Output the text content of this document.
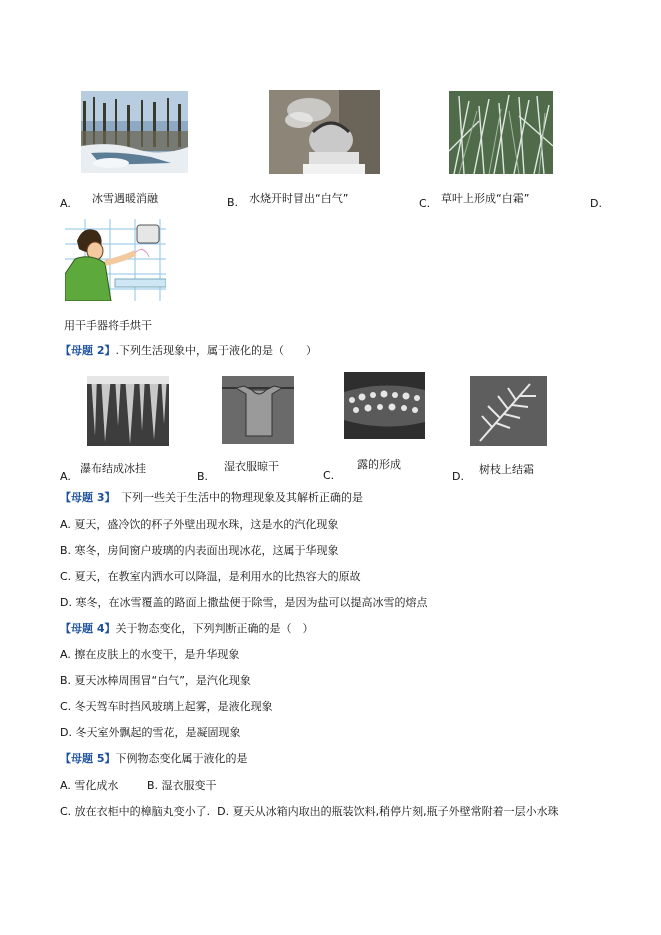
A. 冰雪遇暖消融	B. 水烧开时冒出“白气”	C. 草叶上形成“白霜”	D.
用干手器将手烘干
【母题 2】.下列生活现象中，属于液化的是（　　）
A.
瀑布结成冰挂
B.
湿衣服晾干
C.
露的形成
D.
树枝上结霜
【母题 3】　下列一些关于生活中的物理现象及其解析正确的是
A. 夏天，盛冷饮的杯子外壁出现水珠，这是水的汽化现象
B. 寒冬，房间窗户玻璃的内表面出现冰花，这属于华现象
C. 夏天，在教室内洒水可以降温，是利用水的比热容大的原故
D. 寒冬，在冰雪覆盖的路面上撒盐便于除雪，是因为盐可以提高冰雪的熔点
【母题 4】关于物态变化，下列判断正确的是（　）
A. 擦在皮肤上的水变干，是升华现象
B. 夏天冰棒周围冒“白气”，是汽化现象
C. 冬天驾车时挡风玻璃上起雾，是液化现象
D. 冬天室外飘起的雪花，是凝固现象
【母题 5】下例物态变化属于液化的是
A. 雪化成水	B. 湿衣服变干
C. 放在衣柜中的樟脑丸变小了. D. 夏天从冰箱内取出的瓶装饮料,稍停片刻,瓶子外壁常附着一层小水珠
